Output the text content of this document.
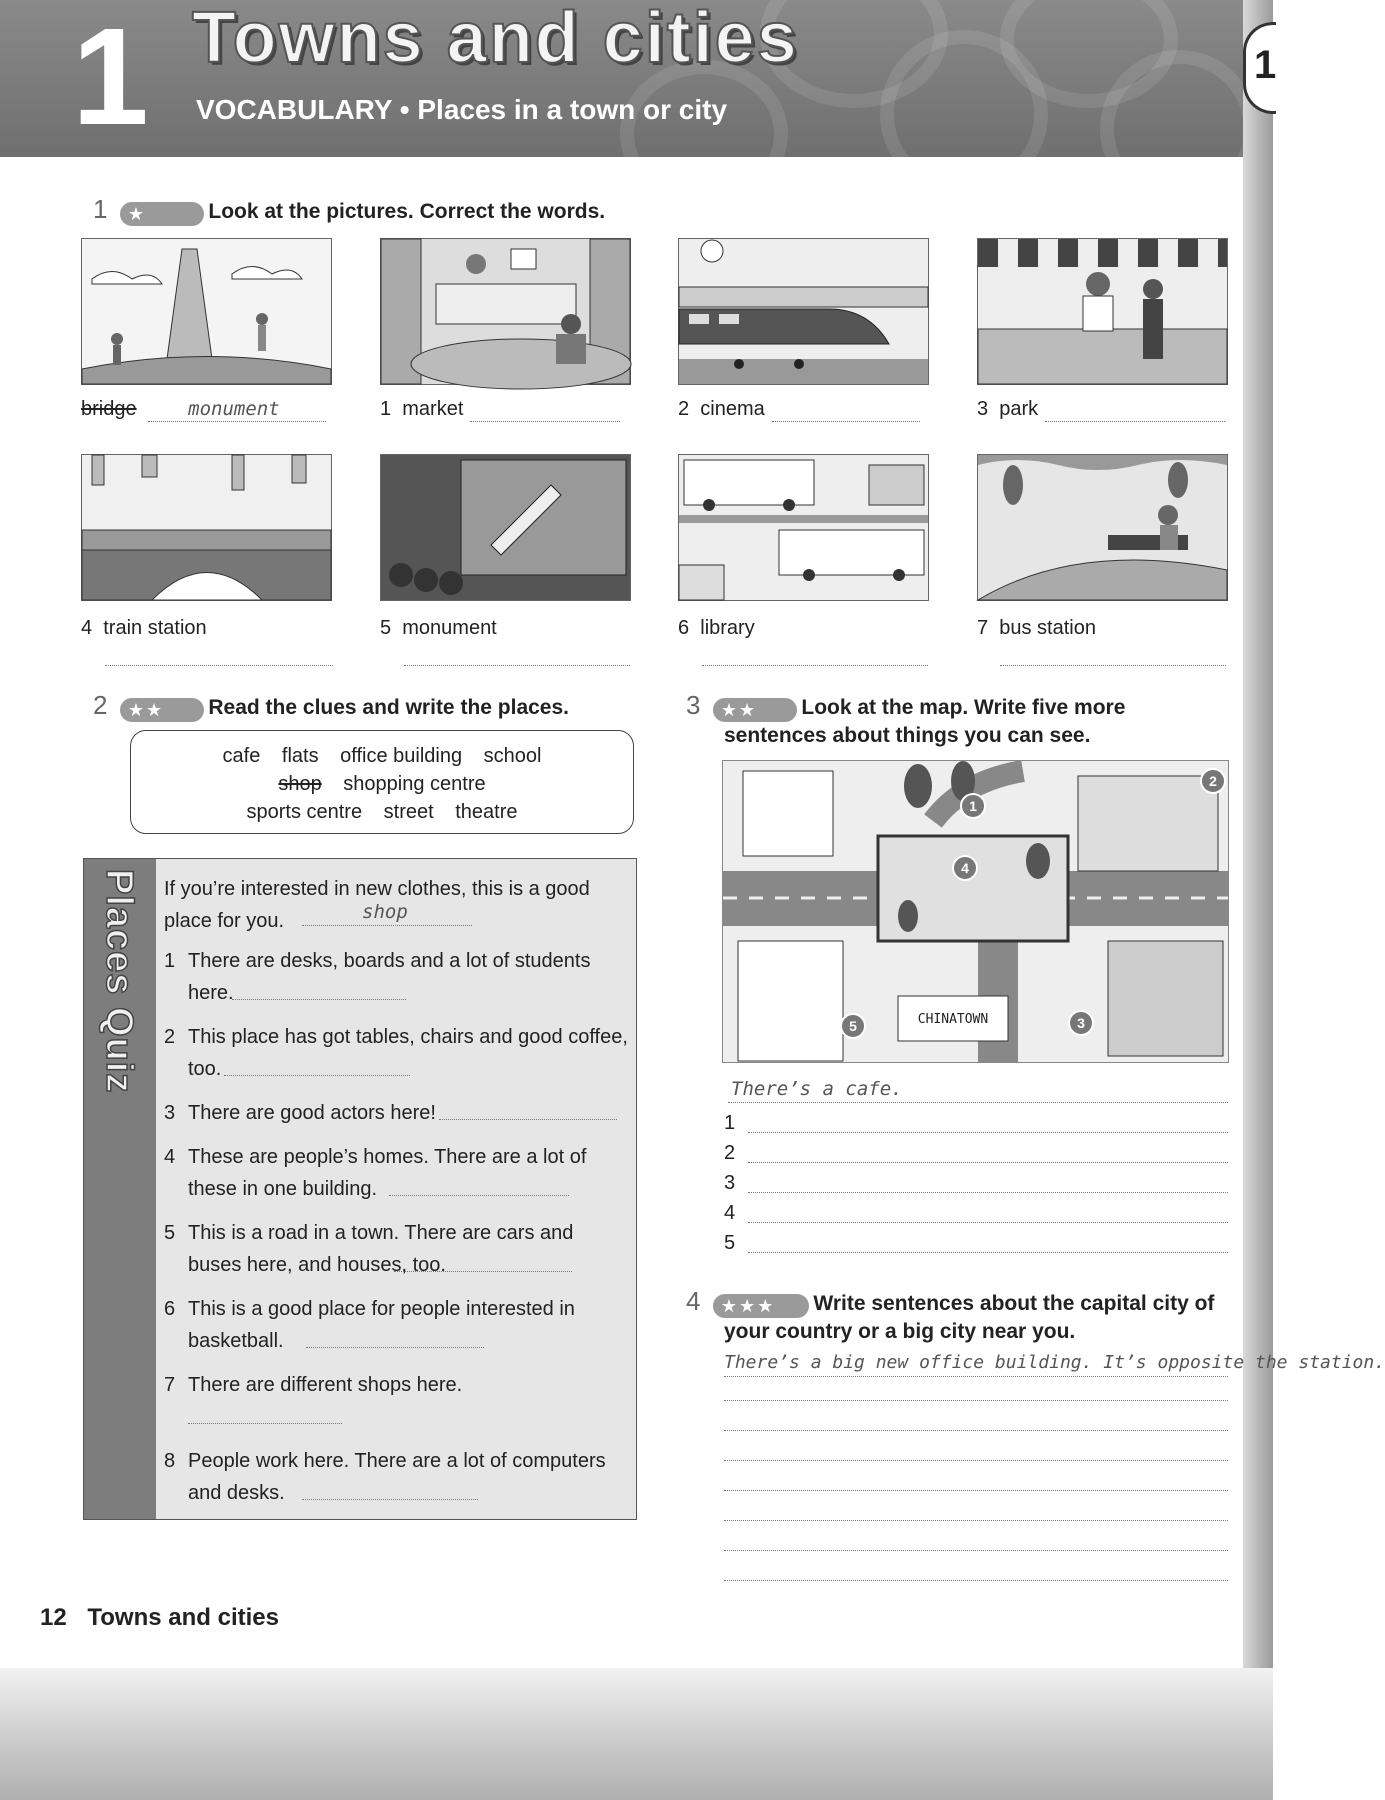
1 Towns and cities
VOCABULARY • Places in a town or city
1
1 ★	Look at the pictures. Correct the words.
bridge	monument	1 market	2 cinema	3 park
4 train station	5 monument	6 library	7 bus station
2 ★★ Read the clues and write the places.
cafe flats office building school
shop shopping centre
sports centre street theatre
Places Quiz If you’re interested in new clothes, this is a good place for you.	shop
1 There are desks, boards and a lot of students here.
2 This place has got tables, chairs and good coffee, too.
3 There are good actors here!
4 These are people’s homes. There are a lot of these in one building.
5 This is a road in a town. There are cars and buses here, and houses, too.
6 This is a good place for people interested in basketball.
7 There are different shops here.
8 People work here. There are a lot of computers and desks.
3 ★★ Look at the map. Write five more
sentences about things you can see.
1
2
3
4
5	CHINATOWN
There’s a cafe.
1
2
3
4
5
4 ★★★ Write sentences about the capital city of
your country or a big city near you.
There’s a big new office building. It’s opposite the station.
12 Towns and cities
